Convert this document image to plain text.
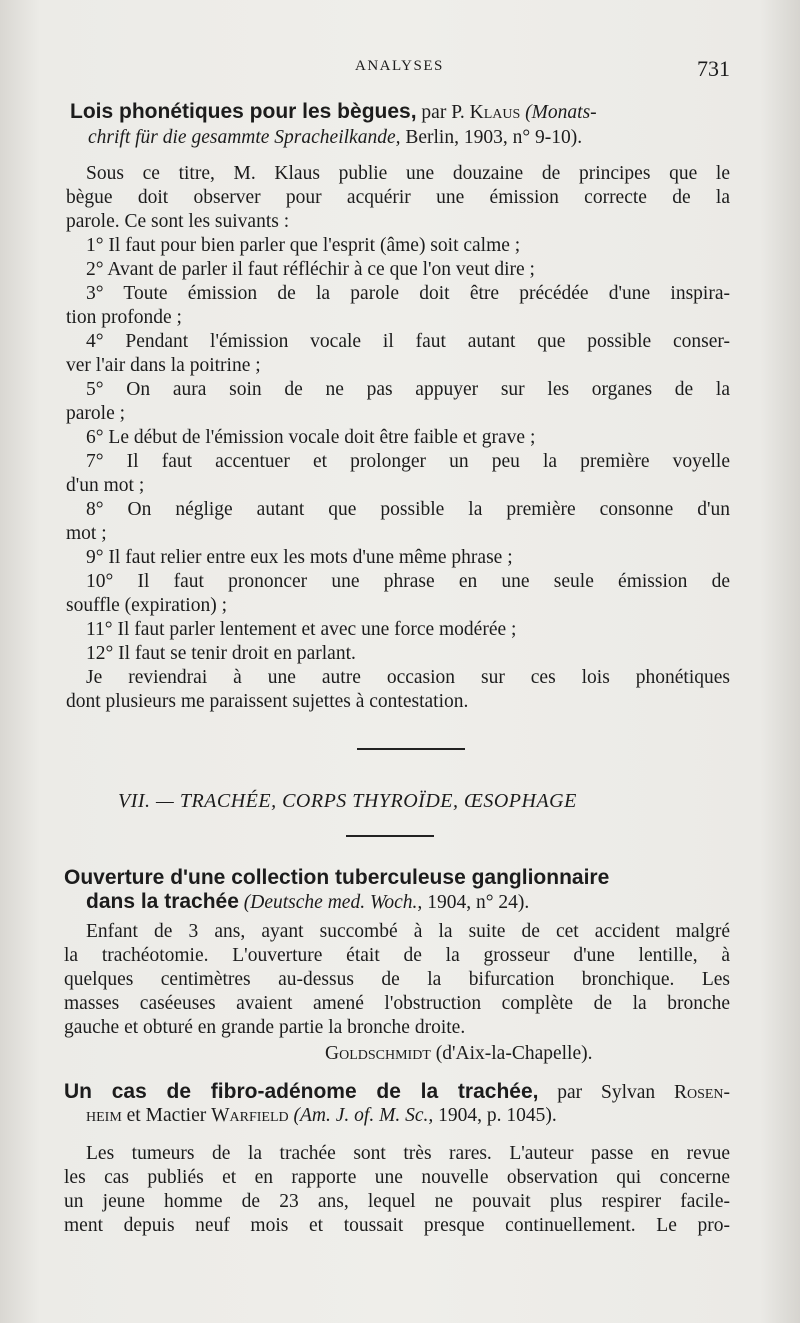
ANALYSES	731
Lois phonétiques pour les bègues, par P. Klaus (Monats-
chrift für die gesammte Spracheilkande, Berlin, 1903, n° 9-10).
Sous ce titre, M. Klaus publie une douzaine de principes que le
bègue doit observer pour acquérir une émission correcte de la
parole. Ce sont les suivants :
1° Il faut pour bien parler que l'esprit (âme) soit calme ;
2° Avant de parler il faut réfléchir à ce que l'on veut dire ;
3° Toute émission de la parole doit être précédée d'une inspira-
tion profonde ;
4° Pendant l'émission vocale il faut autant que possible conser-
ver l'air dans la poitrine ;
5° On aura soin de ne pas appuyer sur les organes de la
parole ;
6° Le début de l'émission vocale doit être faible et grave ;
7° Il faut accentuer et prolonger un peu la première voyelle
d'un mot ;
8° On néglige autant que possible la première consonne d'un
mot ;
9° Il faut relier entre eux les mots d'une même phrase ;
10° Il faut prononcer une phrase en une seule émission de
souffle (expiration) ;
11° Il faut parler lentement et avec une force modérée ;
12° Il faut se tenir droit en parlant.
Je reviendrai à une autre occasion sur ces lois phonétiques
dont plusieurs me paraissent sujettes à contestation.
VII. — TRACHÉE, CORPS THYROÏDE, ŒSOPHAGE
Ouverture d'une collection tuberculeuse ganglionnaire
dans la trachée (Deutsche med. Woch., 1904, n° 24).
Enfant de 3 ans, ayant succombé à la suite de cet accident malgré
la trachéotomie. L'ouverture était de la grosseur d'une lentille, à
quelques centimètres au-dessus de la bifurcation bronchique. Les
masses caséeuses avaient amené l'obstruction complète de la bronche
gauche et obturé en grande partie la bronche droite.
Goldschmidt (d'Aix-la-Chapelle).
Un cas de fibro-adénome de la trachée, par Sylvan Rosen-
heim et Mactier Warfield (Am. J. of. M. Sc., 1904, p. 1045).
Les tumeurs de la trachée sont très rares. L'auteur passe en revue
les cas publiés et en rapporte une nouvelle observation qui concerne
un jeune homme de 23 ans, lequel ne pouvait plus respirer facile-
ment depuis neuf mois et toussait presque continuellement. Le pro-
